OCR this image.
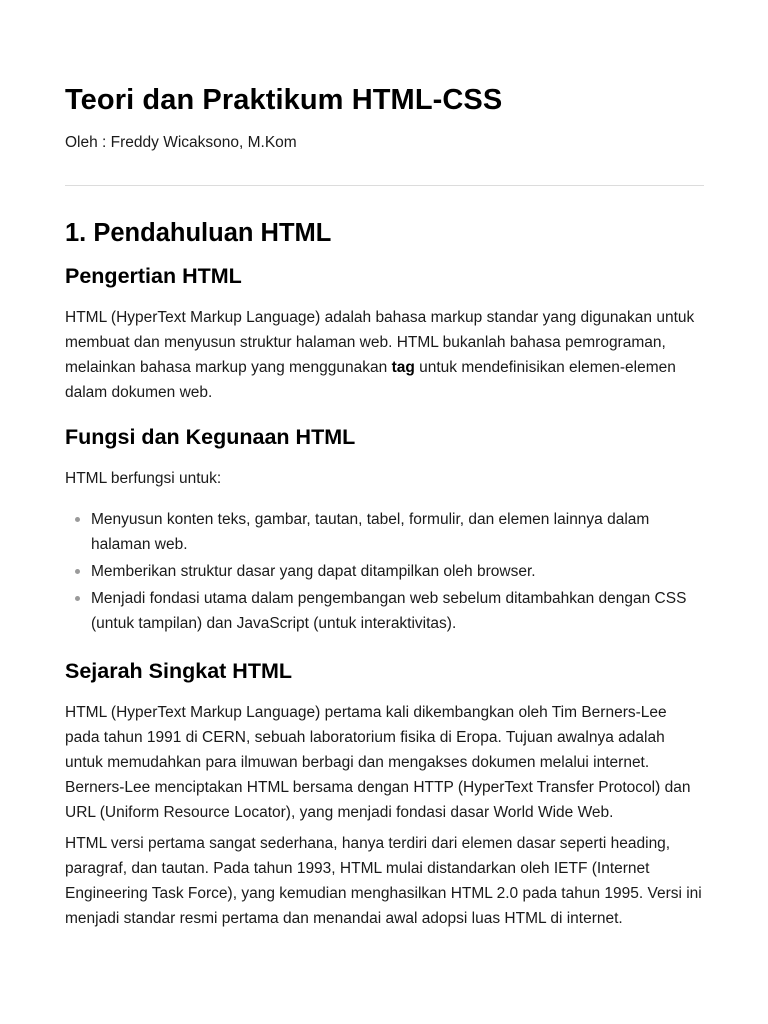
Teori dan Praktikum HTML-CSS
Oleh : Freddy Wicaksono, M.Kom
1. Pendahuluan HTML
Pengertian HTML

HTML (HyperText Markup Language) adalah bahasa markup standar yang digunakan untuk membuat dan menyusun struktur halaman web. HTML bukanlah bahasa pemrograman, melainkan bahasa markup yang menggunakan tag untuk mendefinisikan elemen-elemen dalam dokumen web.

Fungsi dan Kegunaan HTML

HTML berfungsi untuk:

Menyusun konten teks, gambar, tautan, tabel, formulir, dan elemen lainnya dalam halaman web.
Memberikan struktur dasar yang dapat ditampilkan oleh browser.
Menjadi fondasi utama dalam pengembangan web sebelum ditambahkan dengan CSS (untuk tampilan) dan JavaScript (untuk interaktivitas).
Sejarah Singkat HTML

HTML (HyperText Markup Language) pertama kali dikembangkan oleh Tim Berners-Lee pada tahun 1991 di CERN, sebuah laboratorium fisika di Eropa. Tujuan awalnya adalah untuk memudahkan para ilmuwan berbagi dan mengakses dokumen melalui internet. Berners-Lee menciptakan HTML bersama dengan HTTP (HyperText Transfer Protocol) dan URL (Uniform Resource Locator), yang menjadi fondasi dasar World Wide Web.

HTML versi pertama sangat sederhana, hanya terdiri dari elemen dasar seperti heading, paragraf, dan tautan. Pada tahun 1993, HTML mulai distandarkan oleh IETF (Internet Engineering Task Force), yang kemudian menghasilkan HTML 2.0 pada tahun 1995. Versi ini menjadi standar resmi pertama dan menandai awal adopsi luas HTML di internet.
